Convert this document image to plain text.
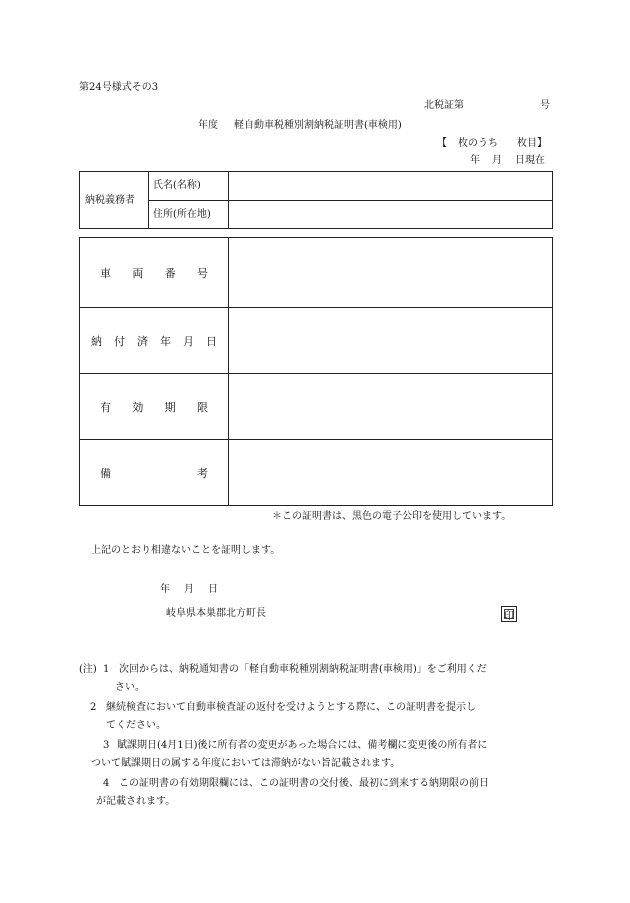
第24号様式その3
北税証第	号
年度 軽自動車税種別割納税証明書(車検用)
【 枚のうち 枚目】
年 月 日現在
納税義務者
氏名(名称)
住所(所在地)
車 両 番 号
納 付 済 年 月 日
有 効 期 限
備	考
＊この証明書は、黒色の電子公印を使用しています。
上記のとおり相違ないことを証明します。
年 月 日
岐阜県本巣郡北方町長	印
(注) 1 次回からは、納税通知書の「軽自動車税種別割納税証明書(車検用)」をご利用くだ
さい。
2 継続検査において自動車検査証の返付を受けようとする際に、この証明書を提示し
てください。
3 賦課期日(4月1日)後に所有者の変更があった場合には、備考欄に変更後の所有者に
ついて賦課期日の属する年度においては滞納がない旨記載されます。
4 この証明書の有効期限欄には、この証明書の交付後、最初に到来する納期限の前日
が記載されます。
